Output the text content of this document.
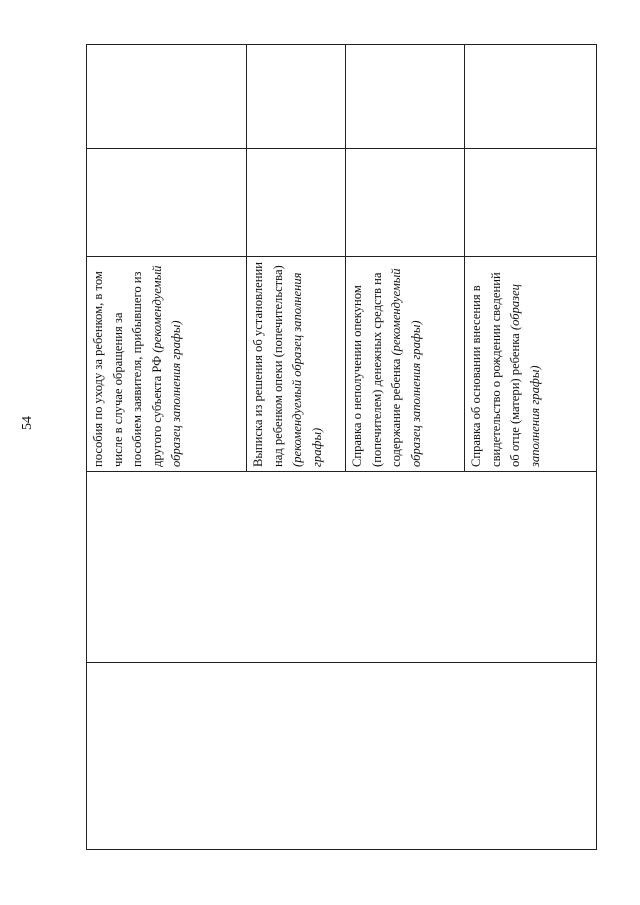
54	пособия по уходу за ребенком, в том числе в случае обращения за пособием заявителя, прибывшего из другого субъекта РФ (рекомендуемый образец заполнения графы)	Выписка из решения об установлении над ребенком опеки (попечительства) (рекомендуемый образец заполнения графы)	Справка о неполучении опекуном (попечителем) денежных средств на содержание ребенка (рекомендуемый образец заполнения графы)	Справка об основании внесения в свидетельство о рождении сведений об отце (матери) ребенка (образец заполнения графы)
